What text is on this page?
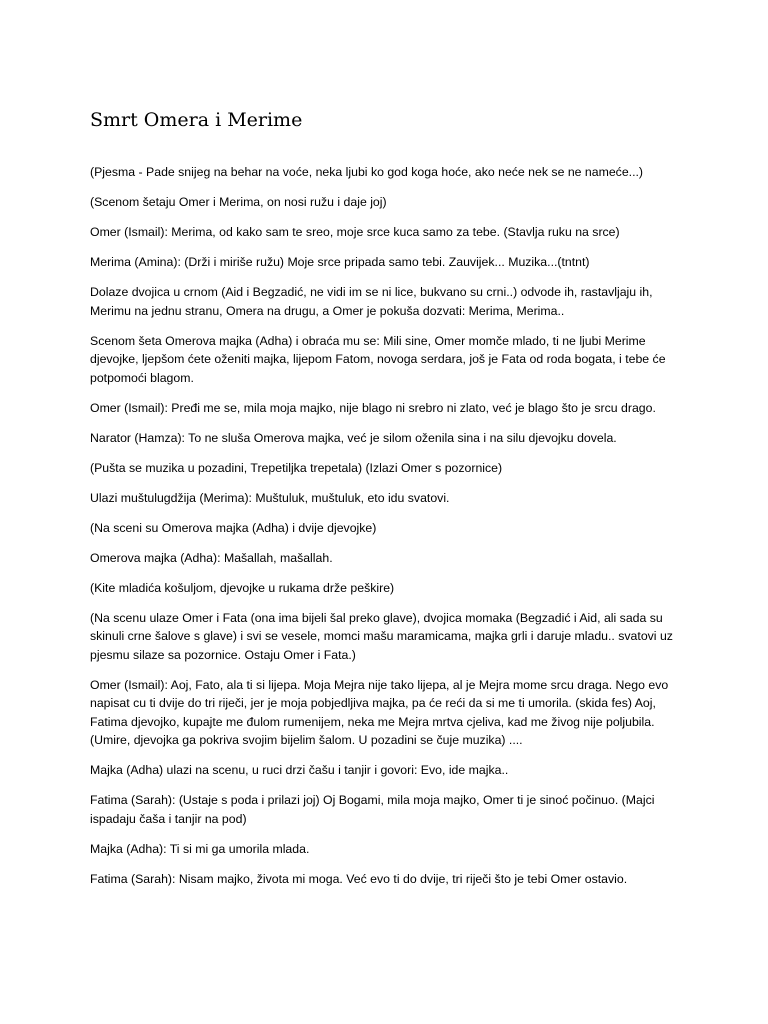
Smrt Omera i Merime

(Pjesma - Pade snijeg na behar na voće, neka ljubi ko god koga hoće, ako neće nek se ne nameće...)

(Scenom šetaju Omer i Merima, on nosi ružu i daje joj)

Omer (Ismail): Merima, od kako sam te sreo, moje srce kuca samo za tebe. (Stavlja ruku na srce)

Merima (Amina): (Drži i miriše ružu) Moje srce pripada samo tebi. Zauvijek... Muzika...(tntnt)

Dolaze dvojica u crnom (Aid i Begzadić, ne vidi im se ni lice, bukvano su crni..) odvode ih, rastavljaju ih, Merimu na jednu stranu, Omera na drugu, a Omer je pokuša dozvati: Merima, Merima..

Scenom šeta Omerova majka (Adha) i obraća mu se: Mili sine, Omer momče mlado, ti ne ljubi Merime djevojke, lјepšom ćete oženiti majka, lijepom Fatom, novoga serdara, još je Fata od roda bogata, i tebe će potpomoći blagom.

Omer (Ismail): Pređi me se, mila moja majko, nije blago ni srebro ni zlato, već je blago što je srcu drago.

Narator (Hamza): To ne sluša Omerova majka, već je silom oženila sina i na silu djevojku dovela.

(Pušta se muzika u pozadini, Trepetiljka trepetala) (Izlazi Omer s pozornice)

Ulazi muštulugdžija (Merima): Muštuluk, muštuluk, eto idu svatovi.

(Na sceni su Omerova majka (Adha) i dvije djevojke)

Omerova majka (Adha): Mašallah, mašallah.

(Kite mladića košuljom, djevojke u rukama drže peškire)

(Na scenu ulaze Omer i Fata (ona ima bijeli šal preko glave), dvojica momaka (Begzadić i Aid, ali sada su skinuli crne šalove s glave) i svi se vesele, momci mašu maramicama, majka grli i daruje mladu.. svatovi uz pjesmu silaze sa pozornice. Ostaju Omer i Fata.)

Omer (Ismail): Aoj, Fato, ala ti si lijepa. Moja Mejra nije tako lijepa, al je Mejra mome srcu draga. Nego evo napisat cu ti dvije do tri riječi, jer je moja pobjedljiva majka, pa će reći da si me ti umorila. (skida fes) Aoj, Fatima djevojko, kupajte me đulom rumenijem, neka me Mejra mrtva cjeliva, kad me živog nije poljubila. (Umire, djevojka ga pokriva svojim bijelim šalom. U pozadini se čuje muzika) ....

Majka (Adha) ulazi na scenu, u ruci drzi čašu i tanjir i govori: Evo, ide majka..

Fatima (Sarah): (Ustaje s poda i prilazi joj) Oj Bogami, mila moja majko, Omer ti je sinoć počinuo. (Majci ispadaju čaša i tanjir na pod)

Majka (Adha): Ti si mi ga umorila mlada.

Fatima (Sarah): Nisam majko, života mi moga. Već evo ti do dvije, tri riječi što je tebi Omer ostavio.
